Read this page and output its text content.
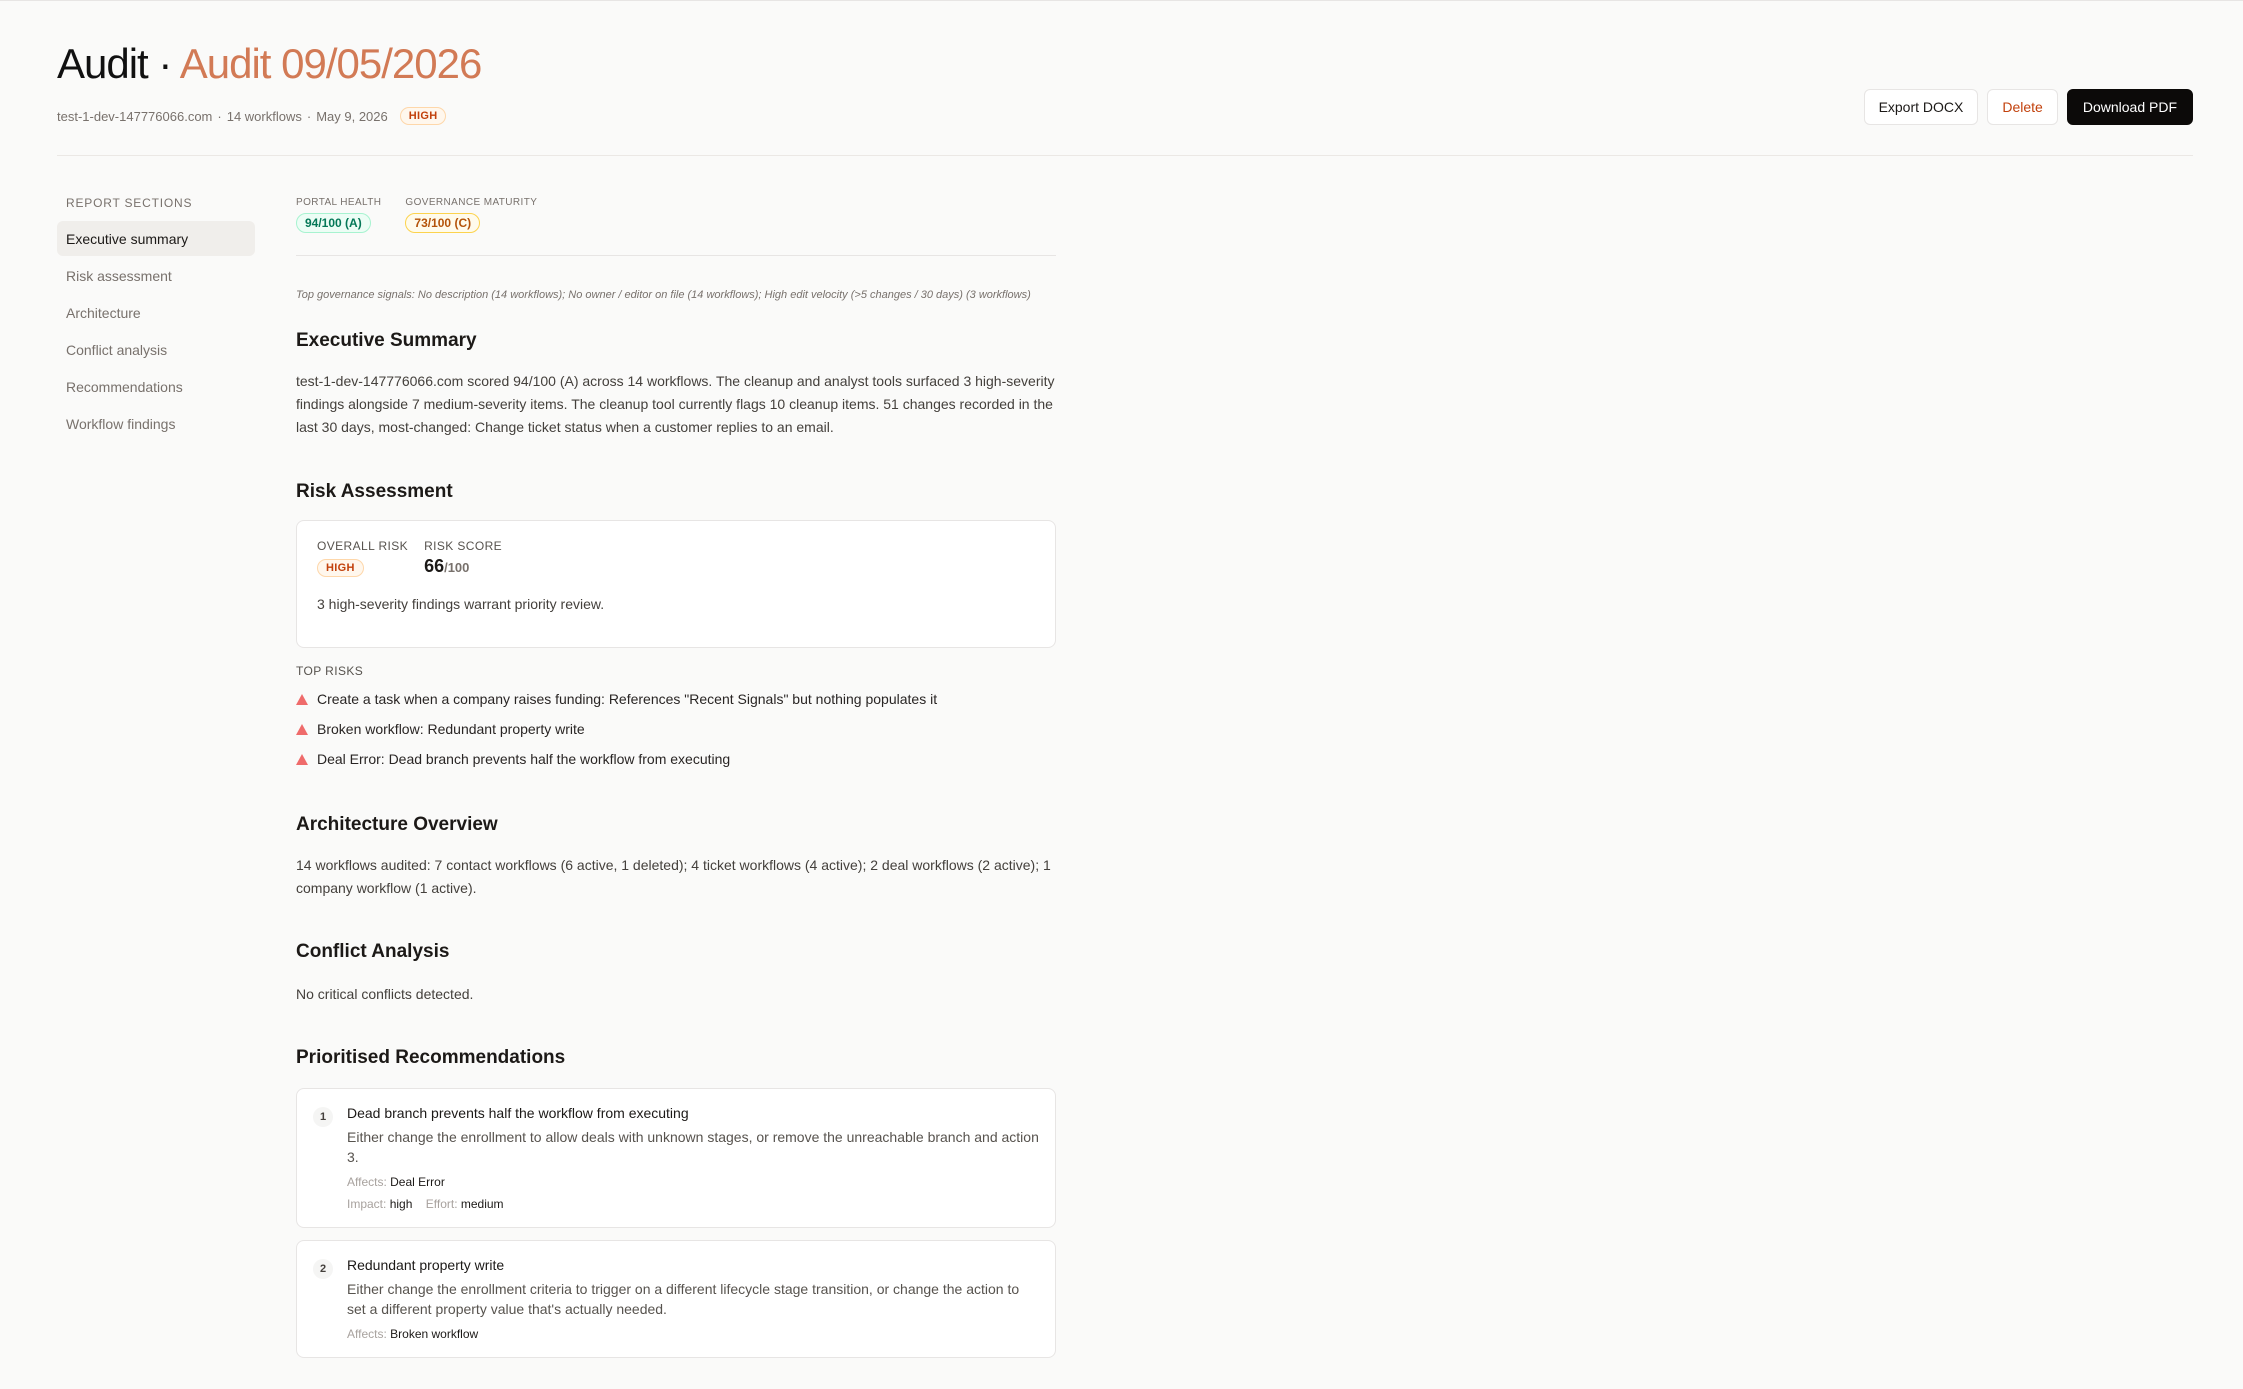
Audit · Audit 09/05/2026
test-1-dev-147776066.com · 14 workflows · May 9, 2026	HIGH
Export DOCX	Delete	Download PDF
REPORT SECTIONS
Executive summary
Risk assessment
Architecture
Conflict analysis
Recommendations
Workflow findings
PORTAL HEALTH
94/100 (A)
GOVERNANCE MATURITY
73/100 (C)

Top governance signals: No description (14 workflows); No owner / editor on file (14 workflows); High edit velocity (>5 changes / 30 days) (3 workflows)

Executive Summary

test-1-dev-147776066.com scored 94/100 (A) across 14 workflows. The cleanup and analyst tools surfaced 3 high-severity findings alongside 7 medium-severity items. The cleanup tool currently flags 10 cleanup items. 51 changes recorded in the last 30 days, most-changed: Change ticket status when a customer replies to an email.

Risk Assessment
OVERALL RISK
HIGH
RISK SCORE
66/100

3 high-severity findings warrant priority review.

TOP RISKS
Create a task when a company raises funding: References "Recent Signals" but nothing populates it
Broken workflow: Redundant property write
Deal Error: Dead branch prevents half the workflow from executing
Architecture Overview

14 workflows audited: 7 contact workflows (6 active, 1 deleted); 4 ticket workflows (4 active); 2 deal workflows (2 active); 1 company workflow (1 active).

Conflict Analysis

No critical conflicts detected.

Prioritised Recommendations
1	Dead branch prevents half the workflow from executing
Either change the enrollment to allow deals with unknown stages, or remove the unreachable branch and action 3.
Affects: Deal Error
Impact: high Effort: medium
2	Redundant property write
Either change the enrollment criteria to trigger on a different lifecycle stage transition, or change the action to set a different property value that's actually needed.
Affects: Broken workflow
